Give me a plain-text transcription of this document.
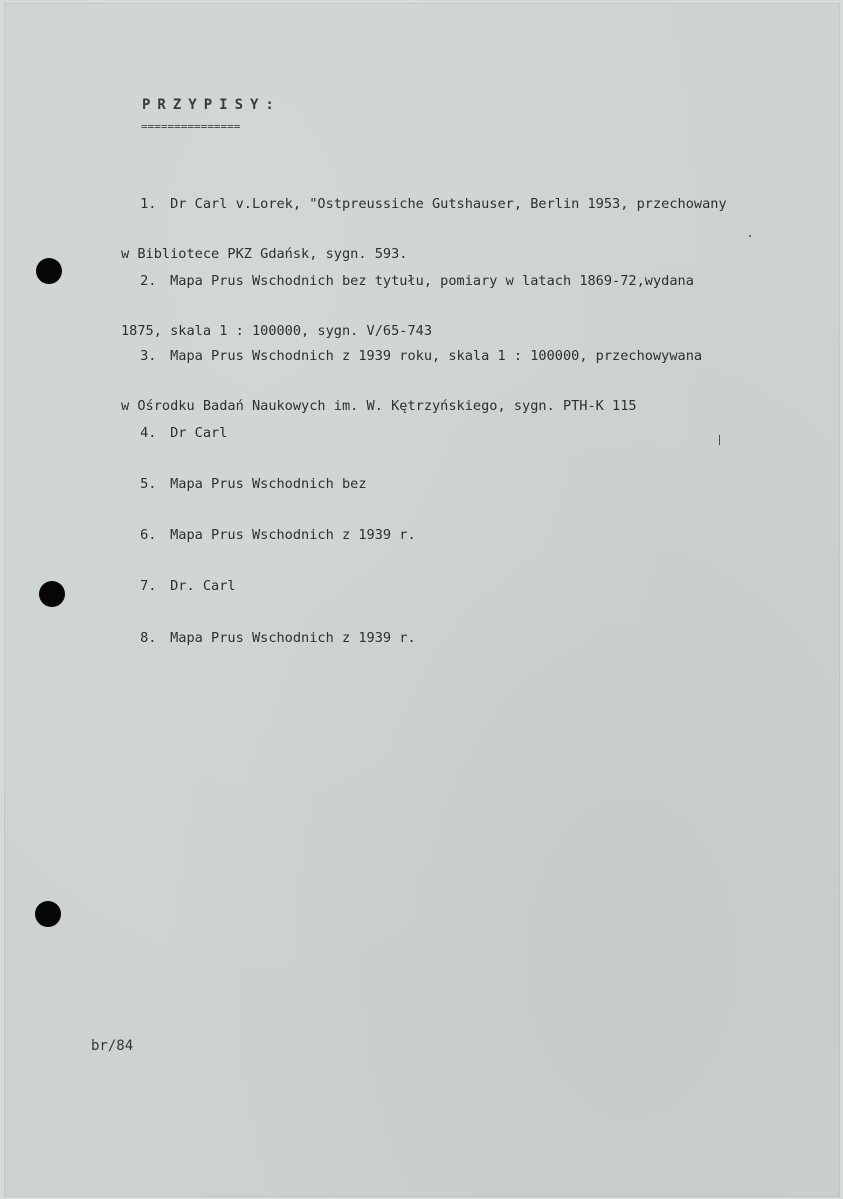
PRZYPISY:
===============

1. Dr Carl v.Lorek, "Ostpreussiche Gutshauser, Berlin 1953, przechowany

w Bibliotece PKZ Gdańsk, sygn. 593.

2. Mapa Prus Wschodnich bez tytułu, pomiary w latach 1869-72,wydana

1875, skala 1 : 100000, sygn. V/65-743

3. Mapa Prus Wschodnich z 1939 roku, skala 1 : 100000, przechowywana

w Ośrodku Badań Naukowych im. W. Kętrzyńskiego, sygn. PTH-K 115

4. Dr Carl

5. Mapa Prus Wschodnich bez

6. Mapa Prus Wschodnich z 1939 r.

7. Dr. Carl

8. Mapa Prus Wschodnich z 1939 r.

br/84
